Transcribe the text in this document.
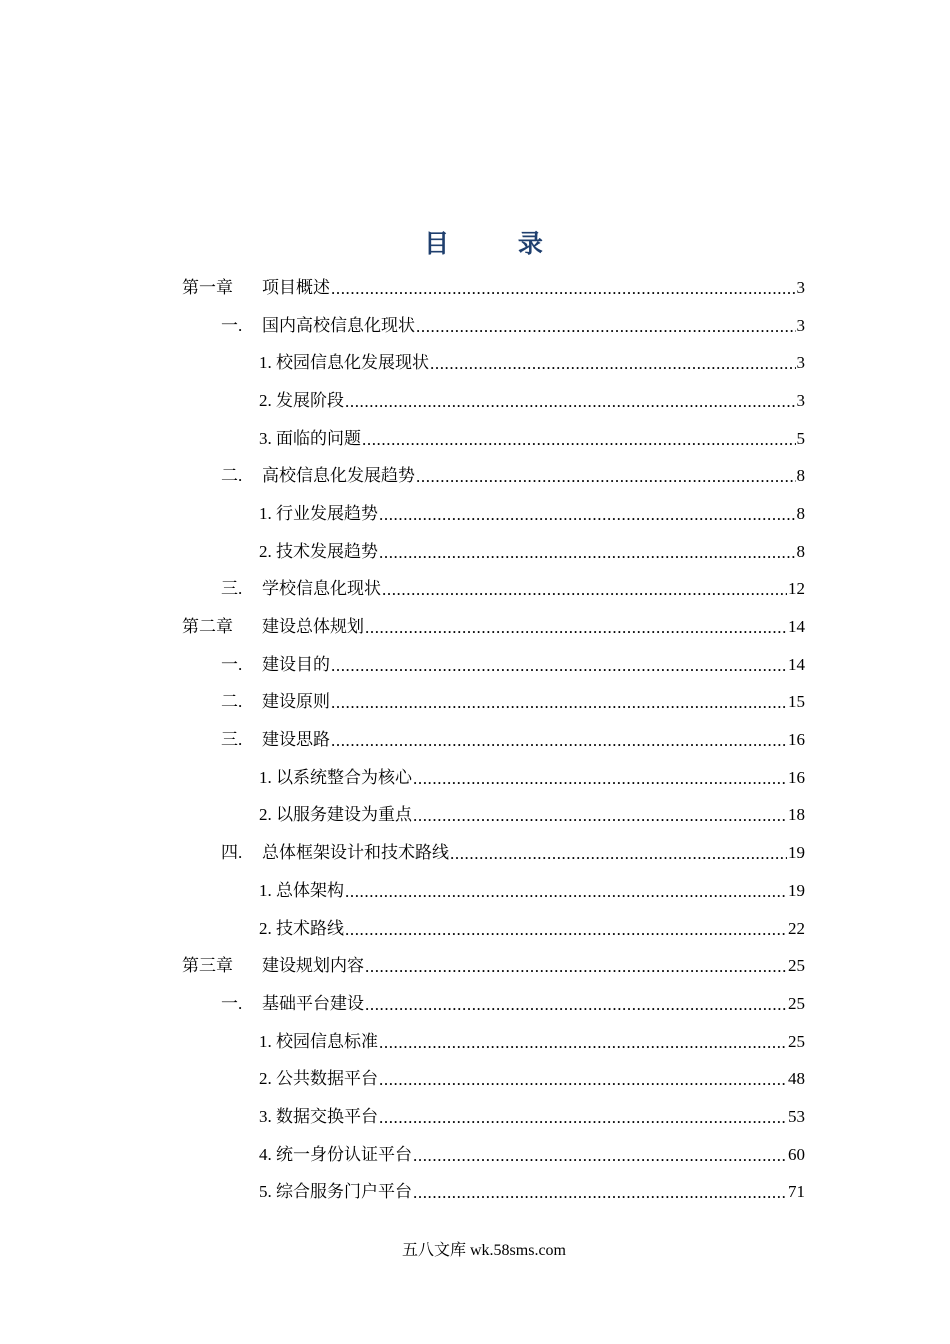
目 录
第一章 项目概述 .....	3
一. 国内高校信息化现状 .....	3
1. 校园信息化发展现状 .....	3
2. 发展阶段 .....	3
3. 面临的问题 .....	5
二. 高校信息化发展趋势 .....	8
1. 行业发展趋势 .....	8
2. 技术发展趋势 .....	8
三. 学校信息化现状 .....	12
第二章 建设总体规划 .....	14
一. 建设目的 .....	14
二. 建设原则 .....	15
三. 建设思路 .....	16
1. 以系统整合为核心 .....	16
2. 以服务建设为重点 .....	18
四. 总体框架设计和技术路线 .....	19
1. 总体架构 .....	19
2. 技术路线 .....	22
第三章 建设规划内容 .....	25
一. 基础平台建设 .....	25
1. 校园信息标准 .....	25
2. 公共数据平台 .....	48
3. 数据交换平台 .....	53
4. 统一身份认证平台 .....	60
5. 综合服务门户平台 .....	71
五八文库 wk.58sms.com
